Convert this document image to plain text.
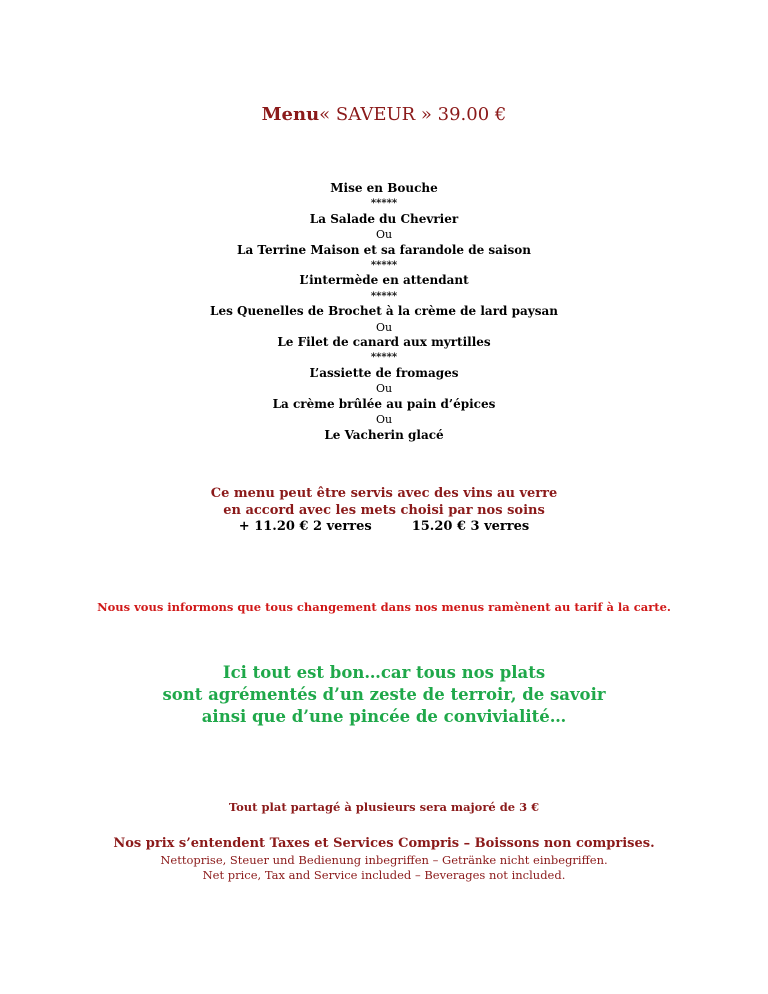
Menu« SAVEUR » 39.00 €
Mise en Bouche
*****
La Salade du Chevrier
Ou
La Terrine Maison et sa farandole de saison
*****
L’intermède en attendant
*****
Les Quenelles de Brochet à la crème de lard paysan
Ou
Le Filet de canard aux myrtilles
*****
L’assiette de fromages
Ou
La crème brûlée au pain d’épices
Ou
Le Vacherin glacé
Ce menu peut être servis avec des vins au verre
en accord avec les mets choisi par nos soins
+ 11.20 € 2 verres	15.20 € 3 verres
Nous vous informons que tous changement dans nos menus ramènent au tarif à la carte.
Ici tout est bon…car tous nos plats
sont agrémentés d’un zeste de terroir, de savoir
ainsi que d’une pincée de convivialité…
Tout plat partagé à plusieurs sera majoré de 3 €
Nos prix s’entendent Taxes et Services Compris – Boissons non comprises.
Nettoprise, Steuer und Bedienung inbegriffen – Getränke nicht einbegriffen.
Net price, Tax and Service included – Beverages not included.
